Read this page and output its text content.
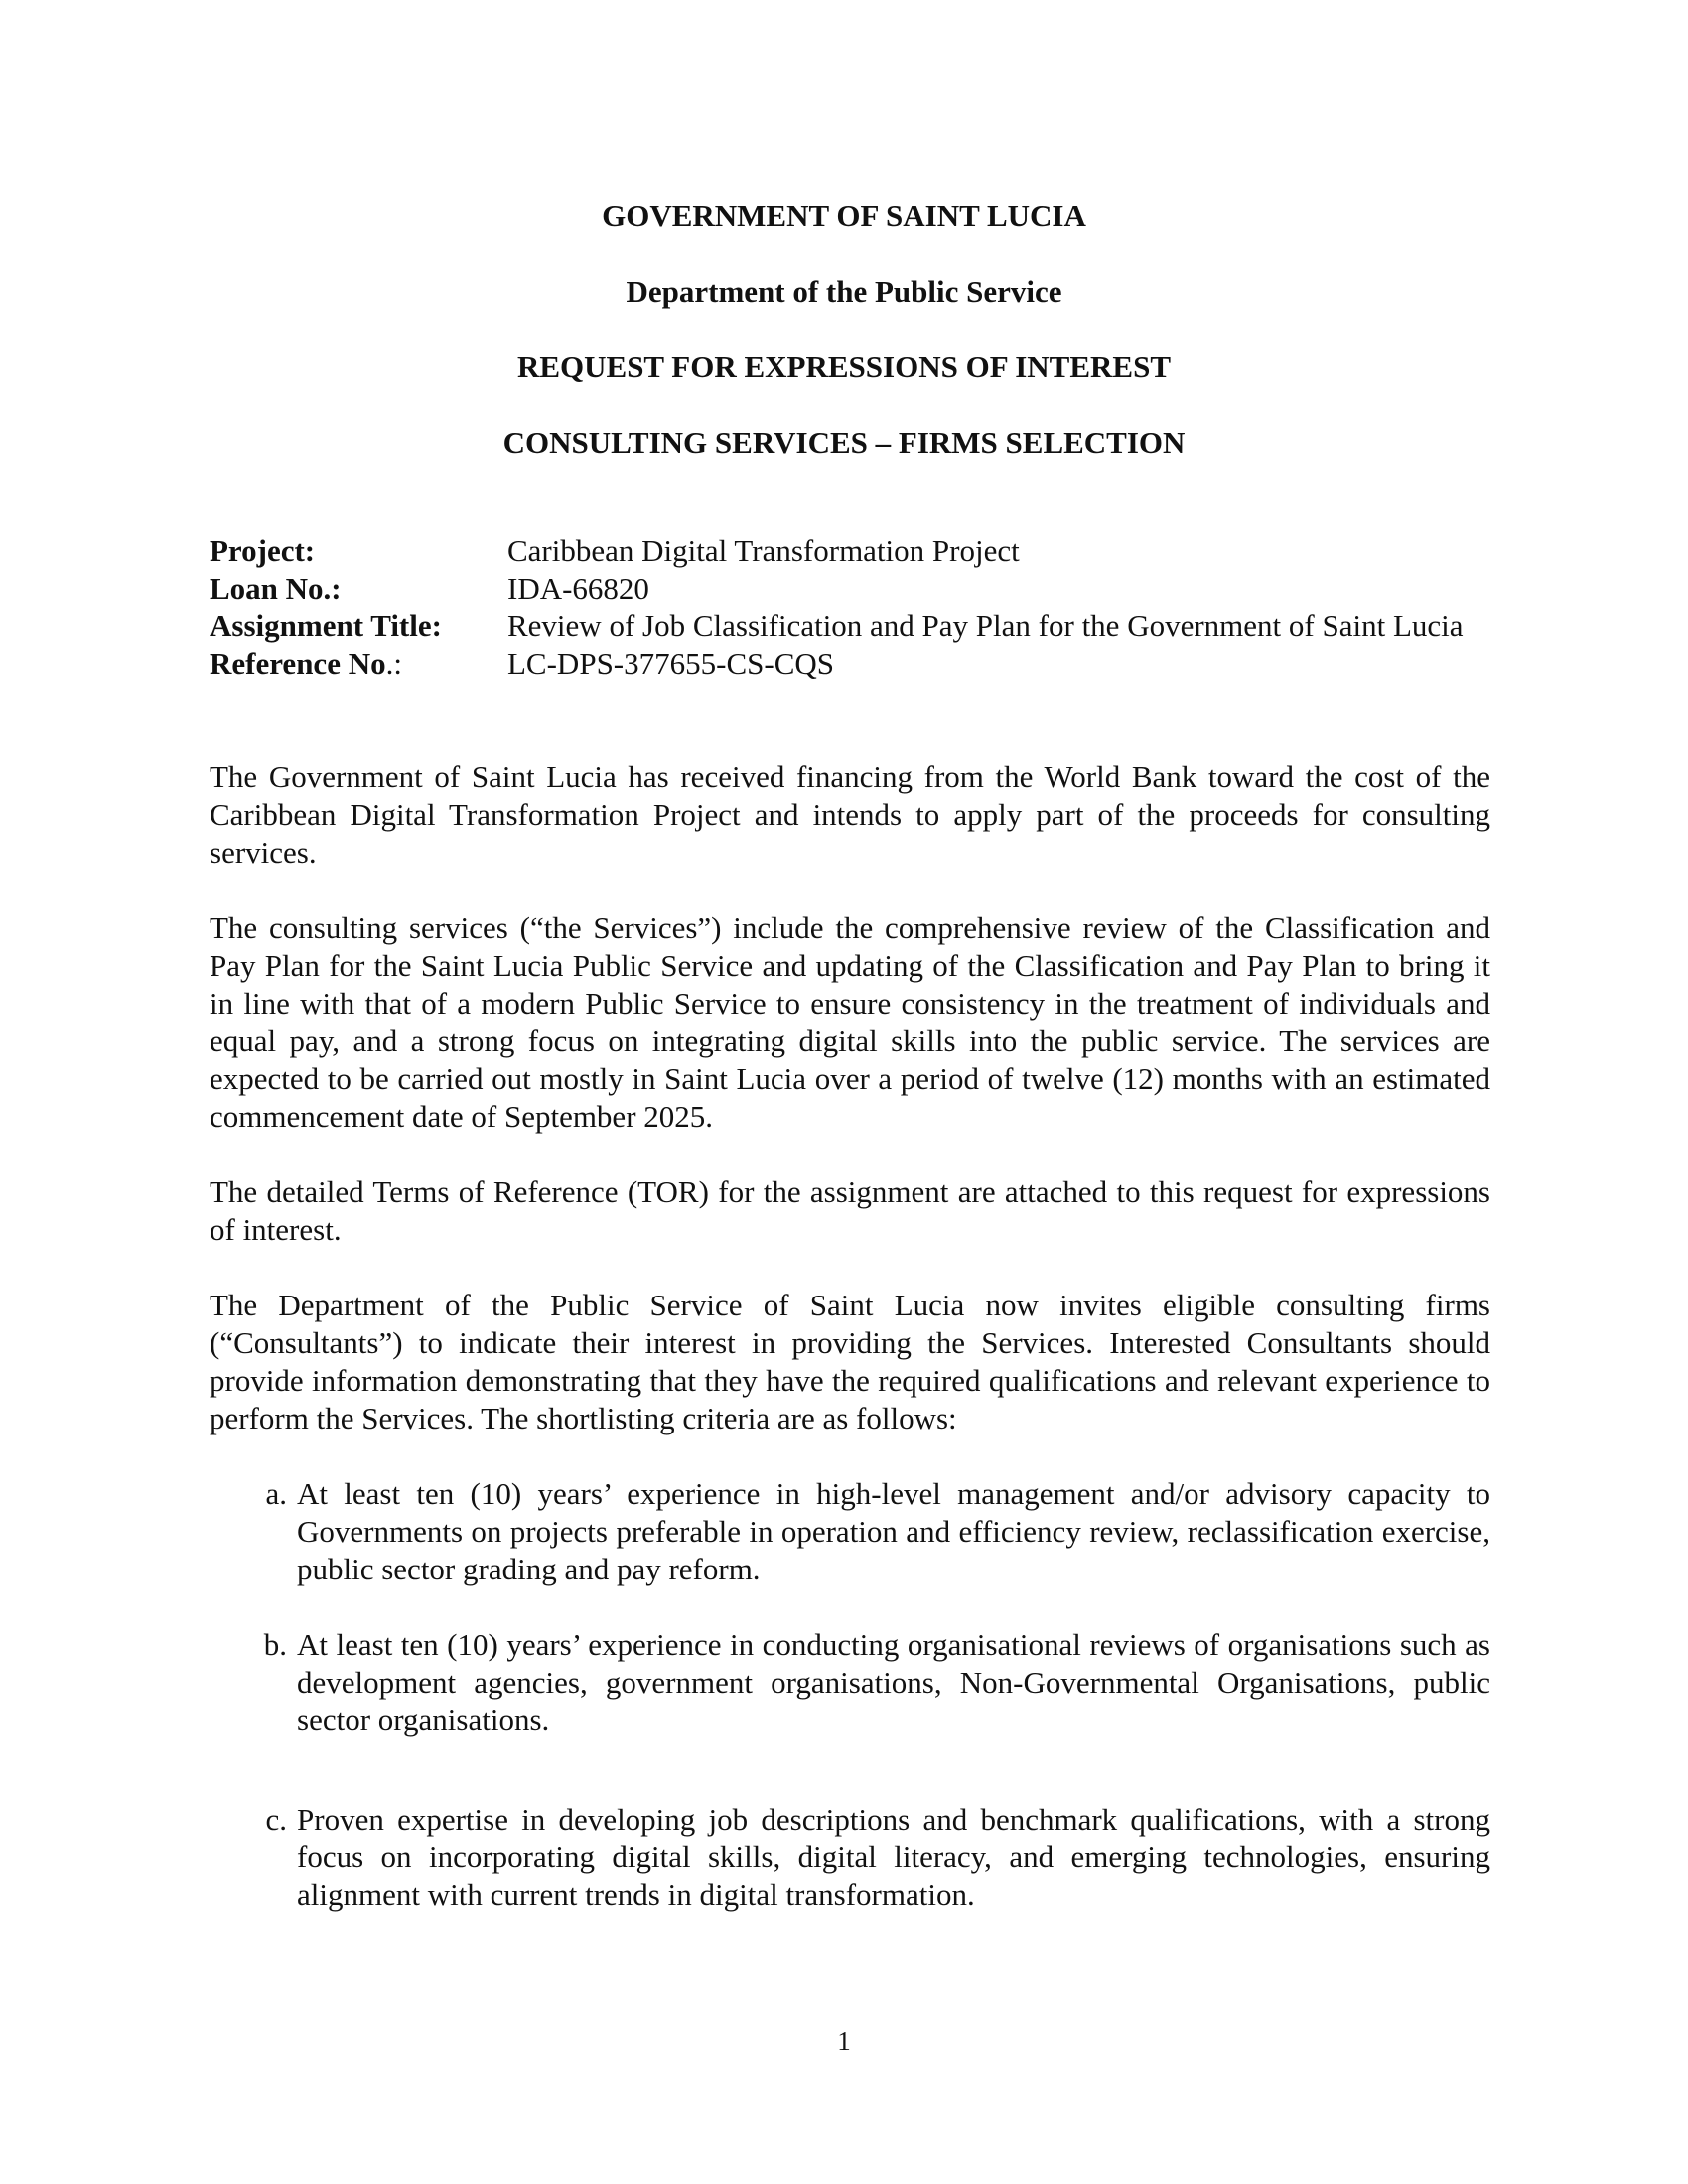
GOVERNMENT OF SAINT LUCIA

Department of the Public Service

REQUEST FOR EXPRESSIONS OF INTEREST

CONSULTING SERVICES – FIRMS SELECTION

Project:	Caribbean Digital Transformation Project
Loan No.:	IDA-66820
Assignment Title:	Review of Job Classification and Pay Plan for the Government of Saint Lucia
Reference No.:	LC-DPS-377655-CS-CQS

The Government of Saint Lucia has received financing from the World Bank toward the cost of the Caribbean Digital Transformation Project and intends to apply part of the proceeds for consulting services.

The consulting services (“the Services”) include the comprehensive review of the Classification and Pay Plan for the Saint Lucia Public Service and updating of the Classification and Pay Plan to bring it in line with that of a modern Public Service to ensure consistency in the treatment of individuals and equal pay, and a strong focus on integrating digital skills into the public service. The services are expected to be carried out mostly in Saint Lucia over a period of twelve (12) months with an estimated commencement date of September 2025.

The detailed Terms of Reference (TOR) for the assignment are attached to this request for expressions of interest.

The Department of the Public Service of Saint Lucia now invites eligible consulting firms (“Consultants”) to indicate their interest in providing the Services. Interested Consultants should provide information demonstrating that they have the required qualifications and relevant experience to perform the Services. The shortlisting criteria are as follows:

a. At least ten (10) years’ experience in high-level management and/or advisory capacity to Governments on projects preferable in operation and efficiency review, reclassification exercise, public sector grading and pay reform.
b. At least ten (10) years’ experience in conducting organisational reviews of organisations such as development agencies, government organisations, Non-Governmental Organisations, public sector organisations.
c. Proven expertise in developing job descriptions and benchmark qualifications, with a strong focus on incorporating digital skills, digital literacy, and emerging technologies, ensuring alignment with current trends in digital transformation.
1
